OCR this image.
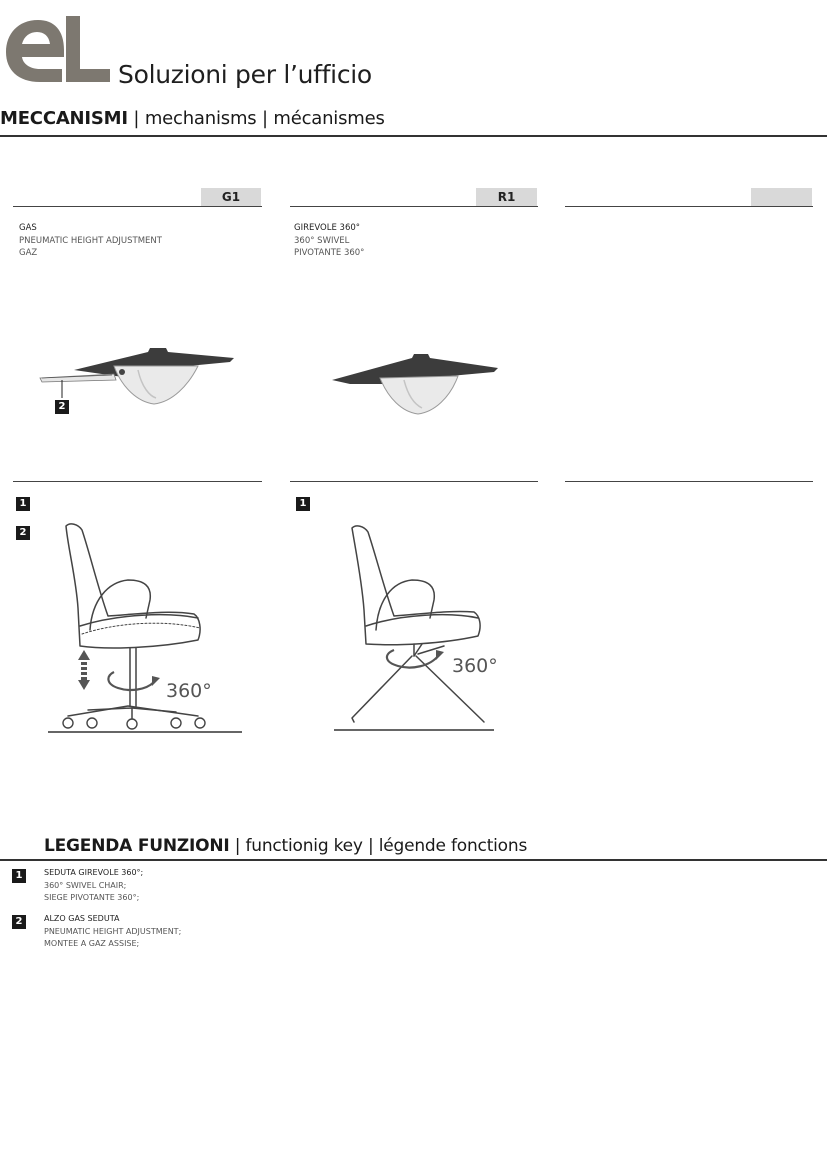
Soluzioni per l’ufficio
MECCANISMI | mechanisms | mécanismes
G1
GAS
PNEUMATIC HEIGHT ADJUSTMENT
GAZ
2
1
2
360°
R1
GIREVOLE 360°
360° SWIVEL
PIVOTANTE 360°
1
360°
LEGENDA FUNZIONI | functionig key | légende fonctions
1	SEDUTA GIREVOLE 360°;
360° SWIVEL CHAIR;
SIEGE PIVOTANTE 360°;
2	ALZO GAS SEDUTA
PNEUMATIC HEIGHT ADJUSTMENT;
MONTEE A GAZ ASSISE;
